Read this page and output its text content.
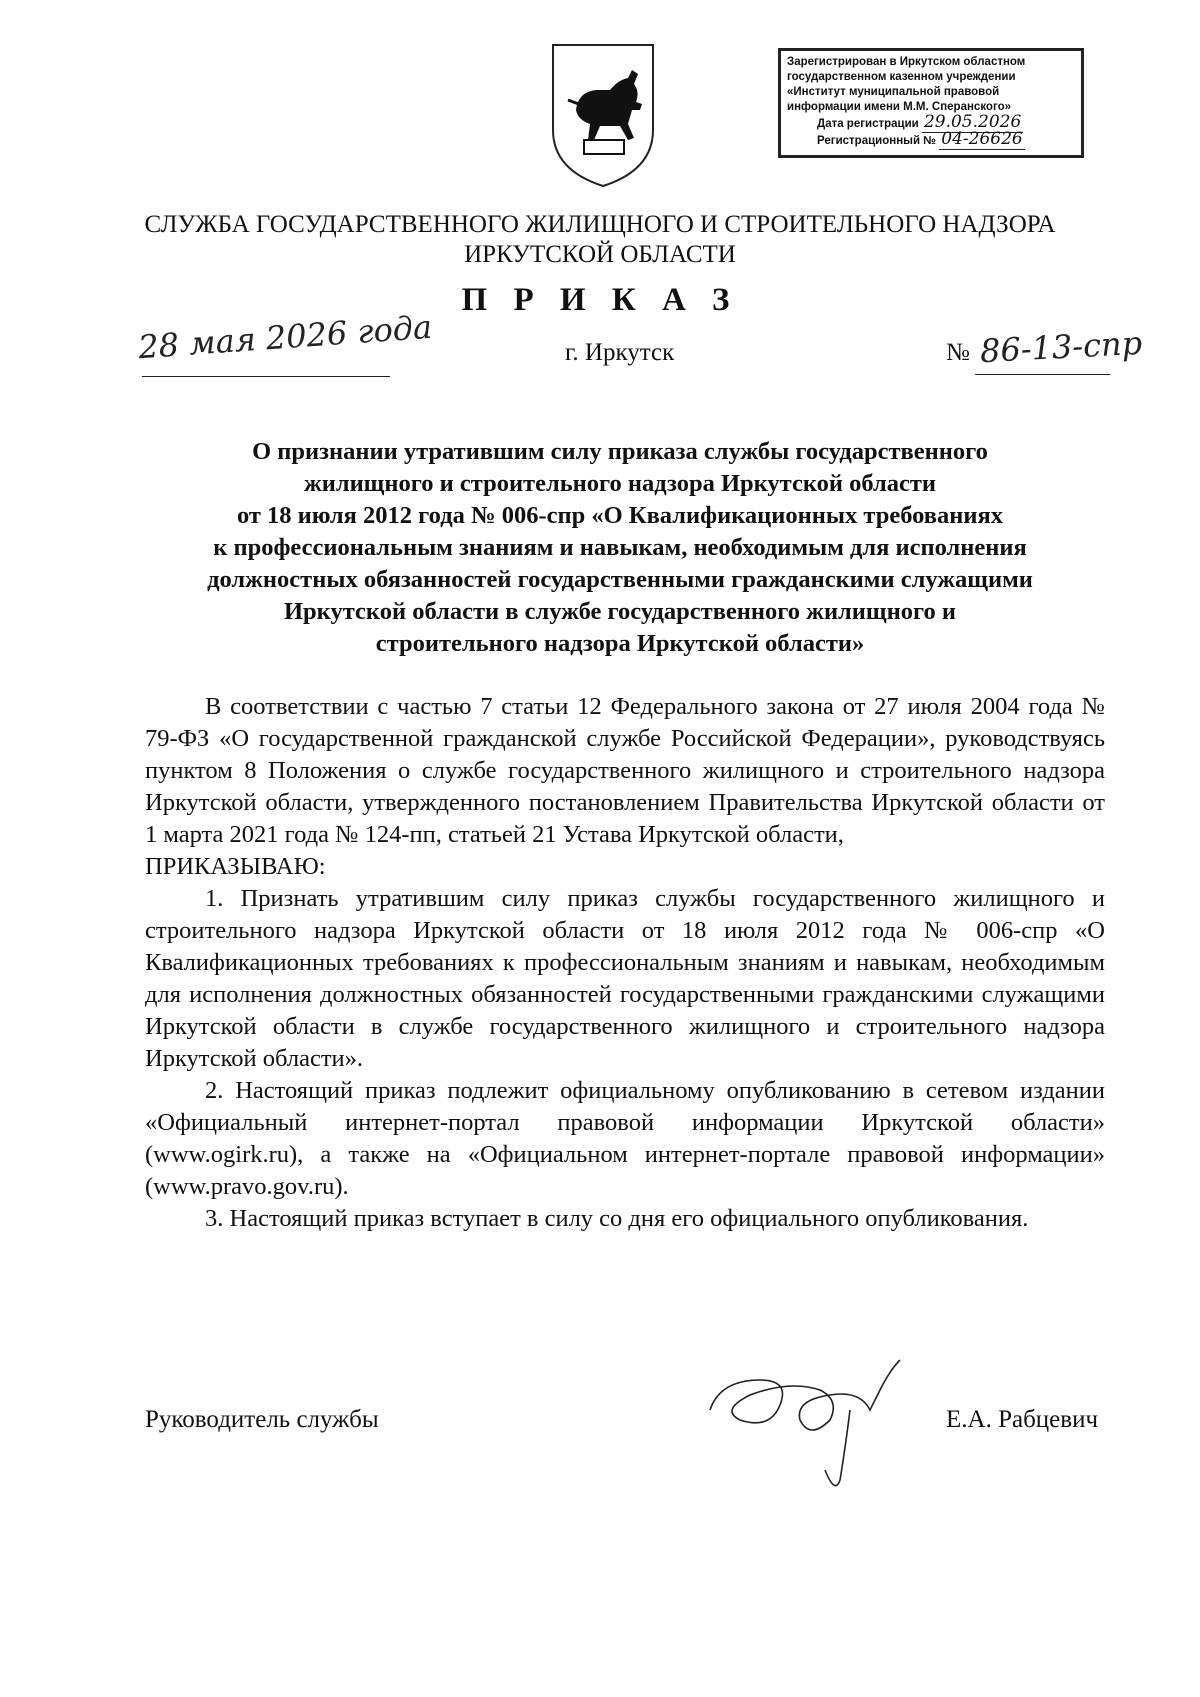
Зарегистрирован в Иркутском областном
государственном казенном учреждении
«Институт муниципальной правовой
информации имени М.М. Сперанского»
Дата регистрации 29.05.2026
Регистрационный № 04-26626
СЛУЖБА ГОСУДАРСТВЕННОГО ЖИЛИЩНОГО И СТРОИТЕЛЬНОГО НАДЗОРА
ИРКУТСКОЙ ОБЛАСТИ
П Р И К А З
28 мая 2026 года	г. Иркутск	№ 86-13-спр
О признании утратившим силу приказа службы государственного
жилищного и строительного надзора Иркутской области
от 18 июля 2012 года № 006-спр «О Квалификационных требованиях
к профессиональным знаниям и навыкам, необходимым для исполнения
должностных обязанностей государственными гражданскими служащими
Иркутской области в службе государственного жилищного и
строительного надзора Иркутской области»

В соответствии с частью 7 статьи 12 Федерального закона от 27 июля 2004 года № 79-ФЗ «О государственной гражданской службе Российской Федерации», руководствуясь пунктом 8 Положения о службе государственного жилищного и строительного надзора Иркутской области, утвержденного постановлением Правительства Иркутской области от 1 марта 2021 года № 124-пп, статьей 21 Устава Иркутской области,

ПРИКАЗЫВАЮ:

1. Признать утратившим силу приказ службы государственного жилищного и строительного надзора Иркутской области от 18 июля 2012 года № 006-спр «О Квалификационных требованиях к профессиональным знаниям и навыкам, необходимым для исполнения должностных обязанностей государственными гражданскими служащими Иркутской области в службе государственного жилищного и строительного надзора Иркутской области».

2. Настоящий приказ подлежит официальному опубликованию в сетевом издании «Официальный интернет-портал правовой информации Иркутской области» (www.ogirk.ru), а также на «Официальном интернет-портале правовой информации» (www.pravo.gov.ru).

3. Настоящий приказ вступает в силу со дня его официального опубликования.

Руководитель службы	Е.А. Рабцевич
